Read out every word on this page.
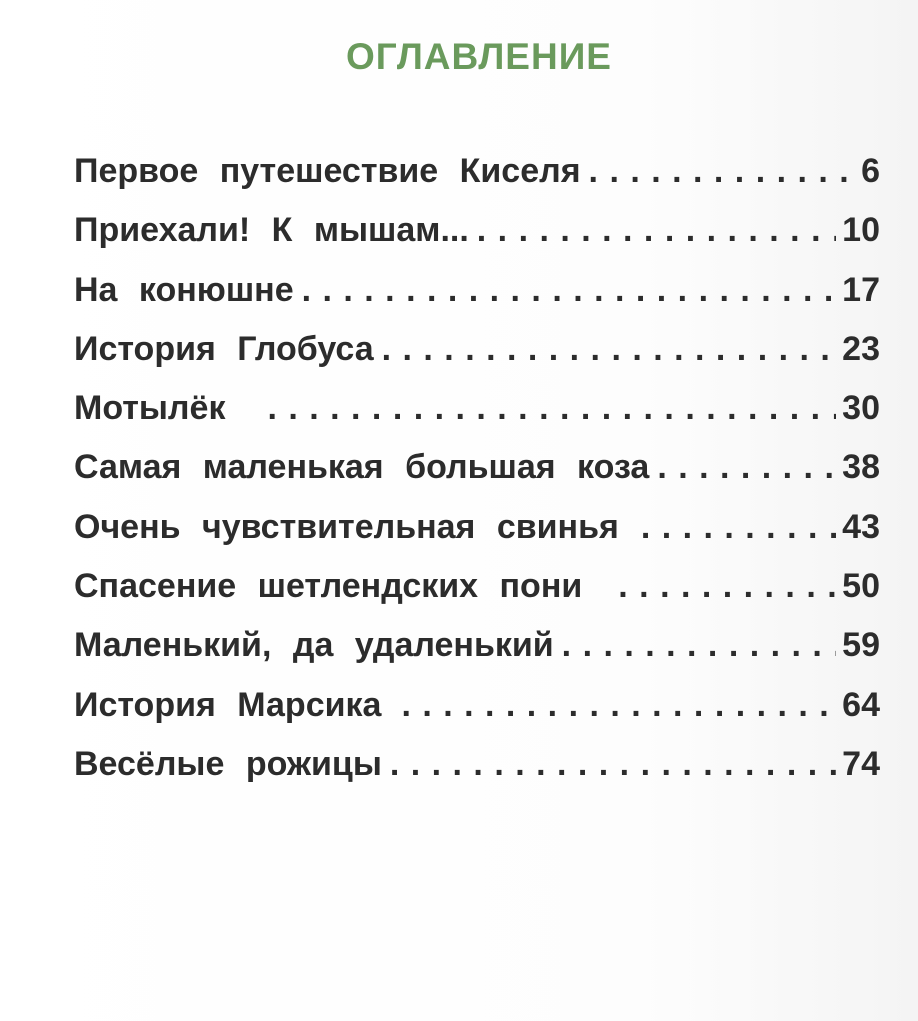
ОГЛАВЛЕНИЕ
Первое путешествие Киселя . . .	6
Приехали! К мышам... . . .	10
На конюшне . . .	17
История Глобуса . . .	23
Мотылёк . . .	30
Самая маленькая большая коза . . .	38
Очень чувствительная свинья . . .	43
Спасение шетлендских пони . . .	50
Маленький, да удаленький . . .	59
История Марсика . . .	64
Весёлые рожицы . . .	74
